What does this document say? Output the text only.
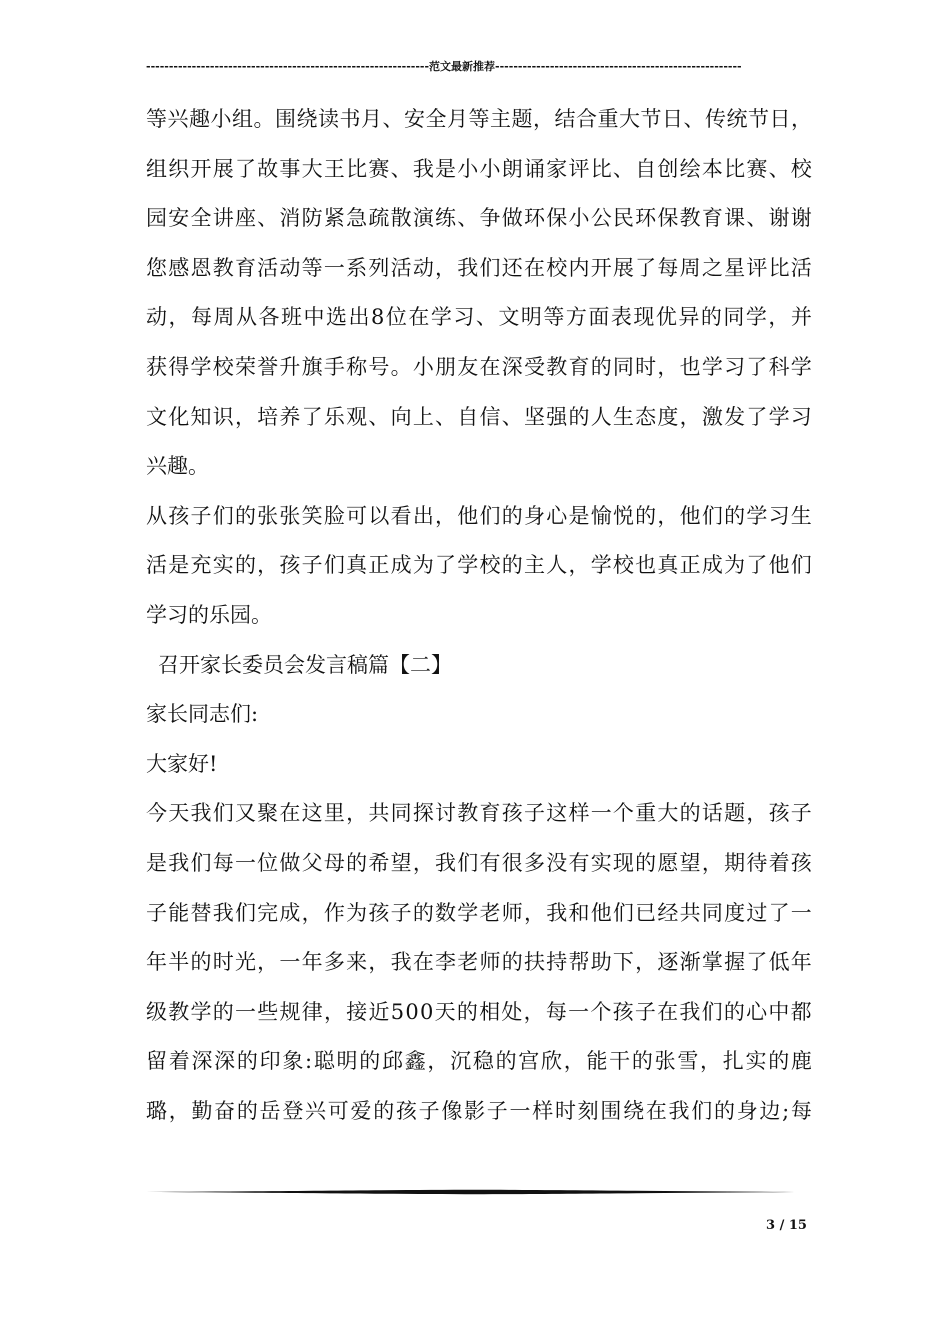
--------------------------------------------------------------范文最新推荐------------------------------------------------------
等 兴 趣 小 组 。 围 绕 读 书 月 、 安 全 月 等 主 题 ， 结 合 重 大 节 日 、 传 统 节 日 ，
组 织 开 展 了 故 事 大 王 比 赛 、 我 是 小 小 朗 诵 家 评 比 、 自 创 绘 本 比 赛 、 校
园 安 全 讲 座 、 消 防 紧 急 疏 散 演 练 、 争 做 环 保 小 公 民 环 保 教 育 课 、 谢 谢
您 感 恩 教 育 活 动 等 一 系 列 活 动 ， 我 们 还 在 校 内 开 展 了 每 周 之 星 评 比 活
动 ， 每 周 从 各 班 中 选 出 8 位 在 学 习 、 文 明 等 方 面 表 现 优 异 的 同 学 ， 并
获 得 学 校 荣 誉 升 旗 手 称 号 。 小 朋 友 在 深 受 教 育 的 同 时 ， 也 学 习 了 科 学
文 化 知 识 ， 培 养 了 乐 观 、 向 上 、 自 信 、 坚 强 的 人 生 态 度 ， 激 发 了 学 习
兴趣。
从 孩 子 们 的 张 张 笑 脸 可 以 看 出 ， 他 们 的 身 心 是 愉 悦 的 ， 他 们 的 学 习 生
活 是 充 实 的 ， 孩 子 们 真 正 成 为 了 学 校 的 主 人 ， 学 校 也 真 正 成 为 了 他 们
学习的乐园。
召开家长委员会发言稿篇【二】
家长同志们:
大家好!
今 天 我 们 又 聚 在 这 里 ， 共 同 探 讨 教 育 孩 子 这 样 一 个 重 大 的 话 题 ， 孩 子
是 我 们 每 一 位 做 父 母 的 希 望 ， 我 们 有 很 多 没 有 实 现 的 愿 望 ， 期 待 着 孩
子 能 替 我 们 完 成 ， 作 为 孩 子 的 数 学 老 师 ， 我 和 他 们 已 经 共 同 度 过 了 一
年 半 的 时 光 ， 一 年 多 来 ， 我 在 李 老 师 的 扶 持 帮 助 下 ， 逐 渐 掌 握 了 低 年
级 教 学 的 一 些 规 律 ， 接 近 5 0 0 天 的 相 处 ， 每 一 个 孩 子 在 我 们 的 心 中 都
留 着 深 深 的 印 象 : 聪 明 的 邱 鑫 ， 沉 稳 的 宫 欣 ， 能 干 的 张 雪 ， 扎 实 的 鹿
璐 ， 勤 奋 的 岳 登 兴 可 爱 的 孩 子 像 影 子 一 样 时 刻 围 绕 在 我 们 的 身 边 ; 每
3 / 15
